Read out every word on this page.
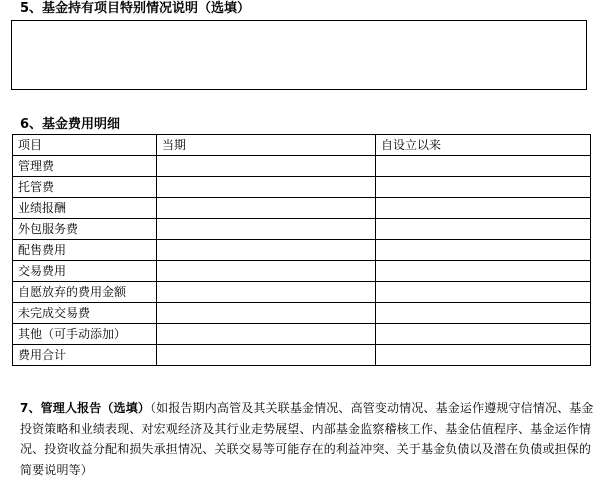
5、基金持有项目特别情况说明（选填）
6、基金费用明细
项目	当期	自设立以来
管理费		
托管费		
业绩报酬		
外包服务费		
配售费用		
交易费用		
自愿放弃的费用金额		
未完成交易费		
其他（可手动添加）		
费用合计		
7、管理人报告（选填）（如报告期内高管及其关联基金情况、高管变动情况、基金运作遵规守信情况、基金投资策略和业绩表现、对宏观经济及其行业走势展望、内部基金监察稽核工作、基金估值程序、基金运作情况、投资收益分配和损失承担情况、关联交易等可能存在的利益冲突、关于基金负债以及潜在负债或担保的简要说明等）
